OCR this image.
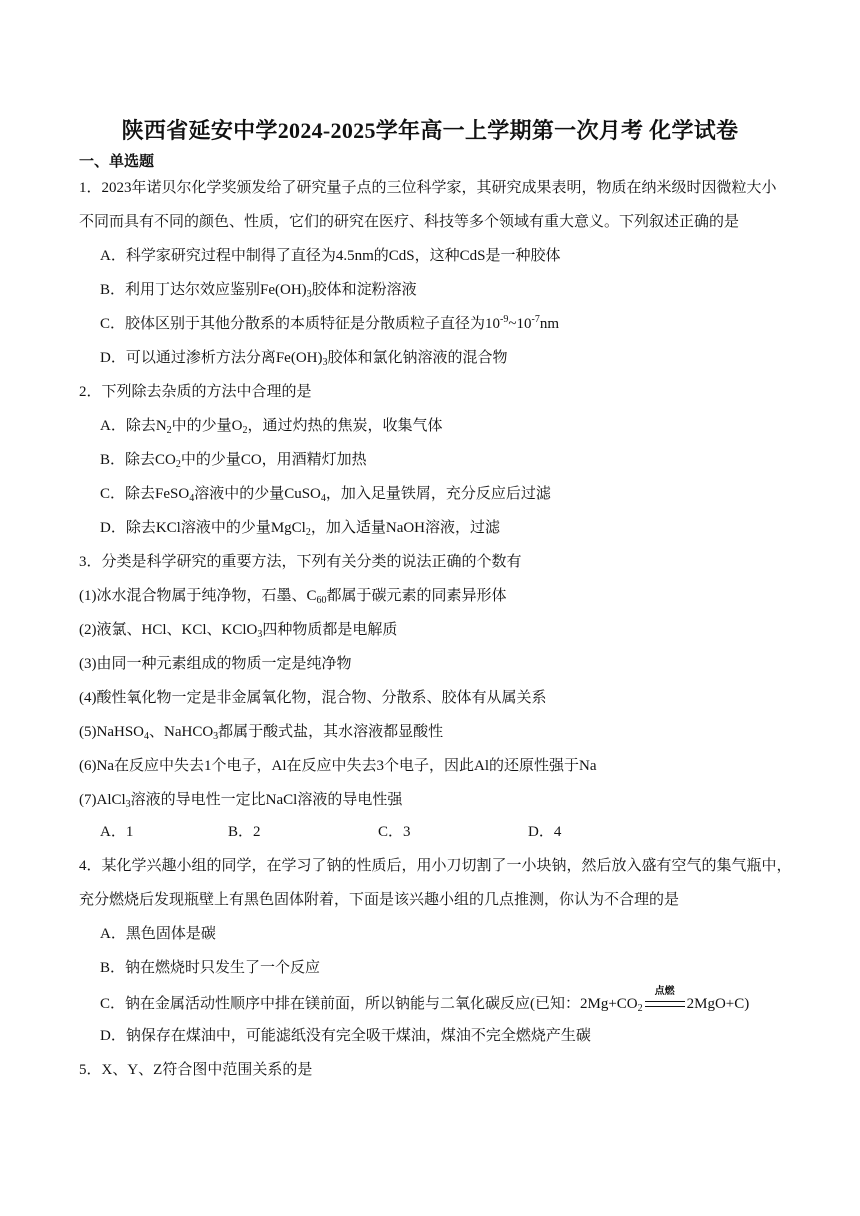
陕西省延安中学2024-2025学年高一上学期第一次月考 化学试卷
一、单选题
1．2023年诺贝尔化学奖颁发给了研究量子点的三位科学家，其研究成果表明，物质在纳米级时因微粒大小
不同而具有不同的颜色、性质，它们的研究在医疗、科技等多个领域有重大意义。下列叙述正确的是
A．科学家研究过程中制得了直径为4.5nm的CdS，这种CdS是一种胶体
B．利用丁达尔效应鉴别$Fe(OH)_3$胶体和淀粉溶液
C．胶体区别于其他分散系的本质特征是分散质粒子直径为$10^{-9}\sim 10^{-7}nm$
D．可以通过渗析方法分离$Fe(OH)_3$胶体和氯化钠溶液的混合物
2．下列除去杂质的方法中合理的是
A．除去$N_2$中的少量$O_2$，通过灼热的焦炭，收集气体
B．除去$CO_2$中的少量CO，用酒精灯加热
C．除去FeSO$_4$溶液中的少量CuSO$_4$，加入足量铁屑，充分反应后过滤
D．除去KCl溶液中的少量MgCl$_2$，加入适量NaOH溶液，过滤
3．分类是科学研究的重要方法，下列有关分类的说法正确的个数有
(1)冰水混合物属于纯净物，石墨、$C_{60}$都属于碳元素的同素异形体
(2)液氯、HCl、KCl、KClO$_3$四种物质都是电解质
(3)由同一种元素组成的物质一定是纯净物
(4)酸性氧化物一定是非金属氧化物，混合物、分散系、胶体有从属关系
(5)NaHSO$_4$、NaHCO$_3$都属于酸式盐，其水溶液都显酸性
(6)Na在反应中失去1个电子，Al在反应中失去3个电子，因此Al的还原性强于Na
(7)AlCl$_3$溶液的导电性一定比NaCl溶液的导电性强
A．1	B．2	C．3	D．4
4．某化学兴趣小组的同学，在学习了钠的性质后，用小刀切割了一小块钠，然后放入盛有空气的集气瓶中，
充分燃烧后发现瓶壁上有黑色固体附着，下面是该兴趣小组的几点推测，你认为不合理的是
A．黑色固体是碳
B．钠在燃烧时只发生了一个反应
C．钠在金属活动性顺序中排在镁前面，所以钠能与二氧化碳反应(已知：$2Mg+CO_2$
点燃
2MgO+C)
D．钠保存在煤油中，可能滤纸没有完全吸干煤油，煤油不完全燃烧产生碳
5．X、Y、Z符合图中范围关系的是
